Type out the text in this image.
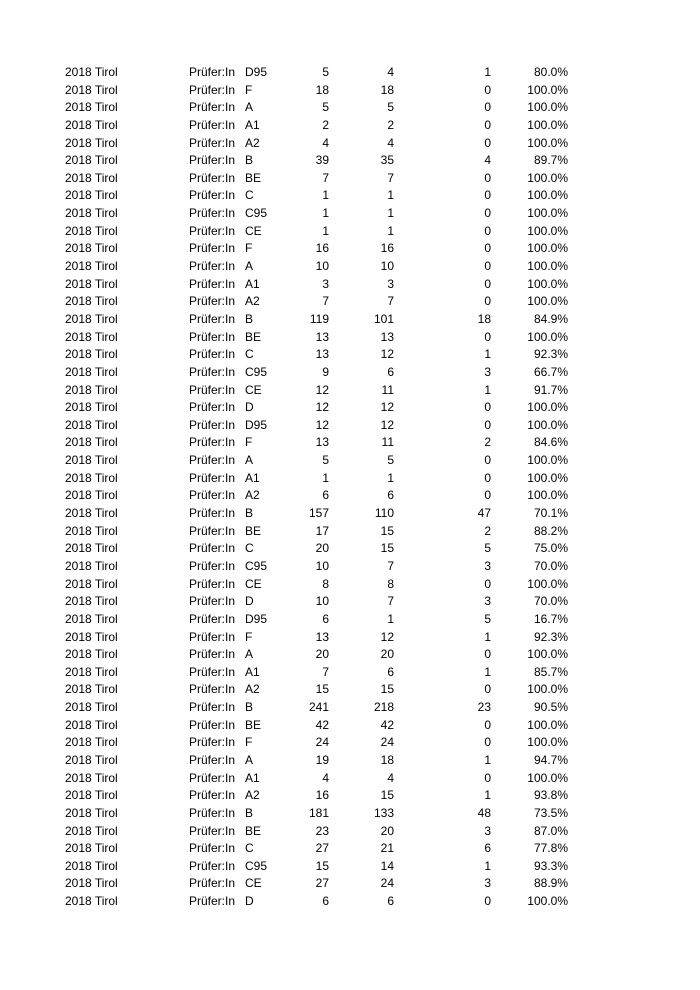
2018 Tirol	Prüfer:In D95	5	4	1	80.0%
2018 Tirol	Prüfer:In F	18	18	0	100.0%
2018 Tirol	Prüfer:In A	5	5	0	100.0%
2018 Tirol	Prüfer:In A1	2	2	0	100.0%
2018 Tirol	Prüfer:In A2	4	4	0	100.0%
2018 Tirol	Prüfer:In B	39	35	4	89.7%
2018 Tirol	Prüfer:In BE	7	7	0	100.0%
2018 Tirol	Prüfer:In C	1	1	0	100.0%
2018 Tirol	Prüfer:In C95	1	1	0	100.0%
2018 Tirol	Prüfer:In CE	1	1	0	100.0%
2018 Tirol	Prüfer:In F	16	16	0	100.0%
2018 Tirol	Prüfer:In A	10	10	0	100.0%
2018 Tirol	Prüfer:In A1	3	3	0	100.0%
2018 Tirol	Prüfer:In A2	7	7	0	100.0%
2018 Tirol	Prüfer:In B	119	101	18	84.9%
2018 Tirol	Prüfer:In BE	13	13	0	100.0%
2018 Tirol	Prüfer:In C	13	12	1	92.3%
2018 Tirol	Prüfer:In C95	9	6	3	66.7%
2018 Tirol	Prüfer:In CE	12	11	1	91.7%
2018 Tirol	Prüfer:In D	12	12	0	100.0%
2018 Tirol	Prüfer:In D95	12	12	0	100.0%
2018 Tirol	Prüfer:In F	13	11	2	84.6%
2018 Tirol	Prüfer:In A	5	5	0	100.0%
2018 Tirol	Prüfer:In A1	1	1	0	100.0%
2018 Tirol	Prüfer:In A2	6	6	0	100.0%
2018 Tirol	Prüfer:In B	157	110	47	70.1%
2018 Tirol	Prüfer:In BE	17	15	2	88.2%
2018 Tirol	Prüfer:In C	20	15	5	75.0%
2018 Tirol	Prüfer:In C95	10	7	3	70.0%
2018 Tirol	Prüfer:In CE	8	8	0	100.0%
2018 Tirol	Prüfer:In D	10	7	3	70.0%
2018 Tirol	Prüfer:In D95	6	1	5	16.7%
2018 Tirol	Prüfer:In F	13	12	1	92.3%
2018 Tirol	Prüfer:In A	20	20	0	100.0%
2018 Tirol	Prüfer:In A1	7	6	1	85.7%
2018 Tirol	Prüfer:In A2	15	15	0	100.0%
2018 Tirol	Prüfer:In B	241	218	23	90.5%
2018 Tirol	Prüfer:In BE	42	42	0	100.0%
2018 Tirol	Prüfer:In F	24	24	0	100.0%
2018 Tirol	Prüfer:In A	19	18	1	94.7%
2018 Tirol	Prüfer:In A1	4	4	0	100.0%
2018 Tirol	Prüfer:In A2	16	15	1	93.8%
2018 Tirol	Prüfer:In B	181	133	48	73.5%
2018 Tirol	Prüfer:In BE	23	20	3	87.0%
2018 Tirol	Prüfer:In C	27	21	6	77.8%
2018 Tirol	Prüfer:In C95	15	14	1	93.3%
2018 Tirol	Prüfer:In CE	27	24	3	88.9%
2018 Tirol	Prüfer:In D	6	6	0	100.0%
